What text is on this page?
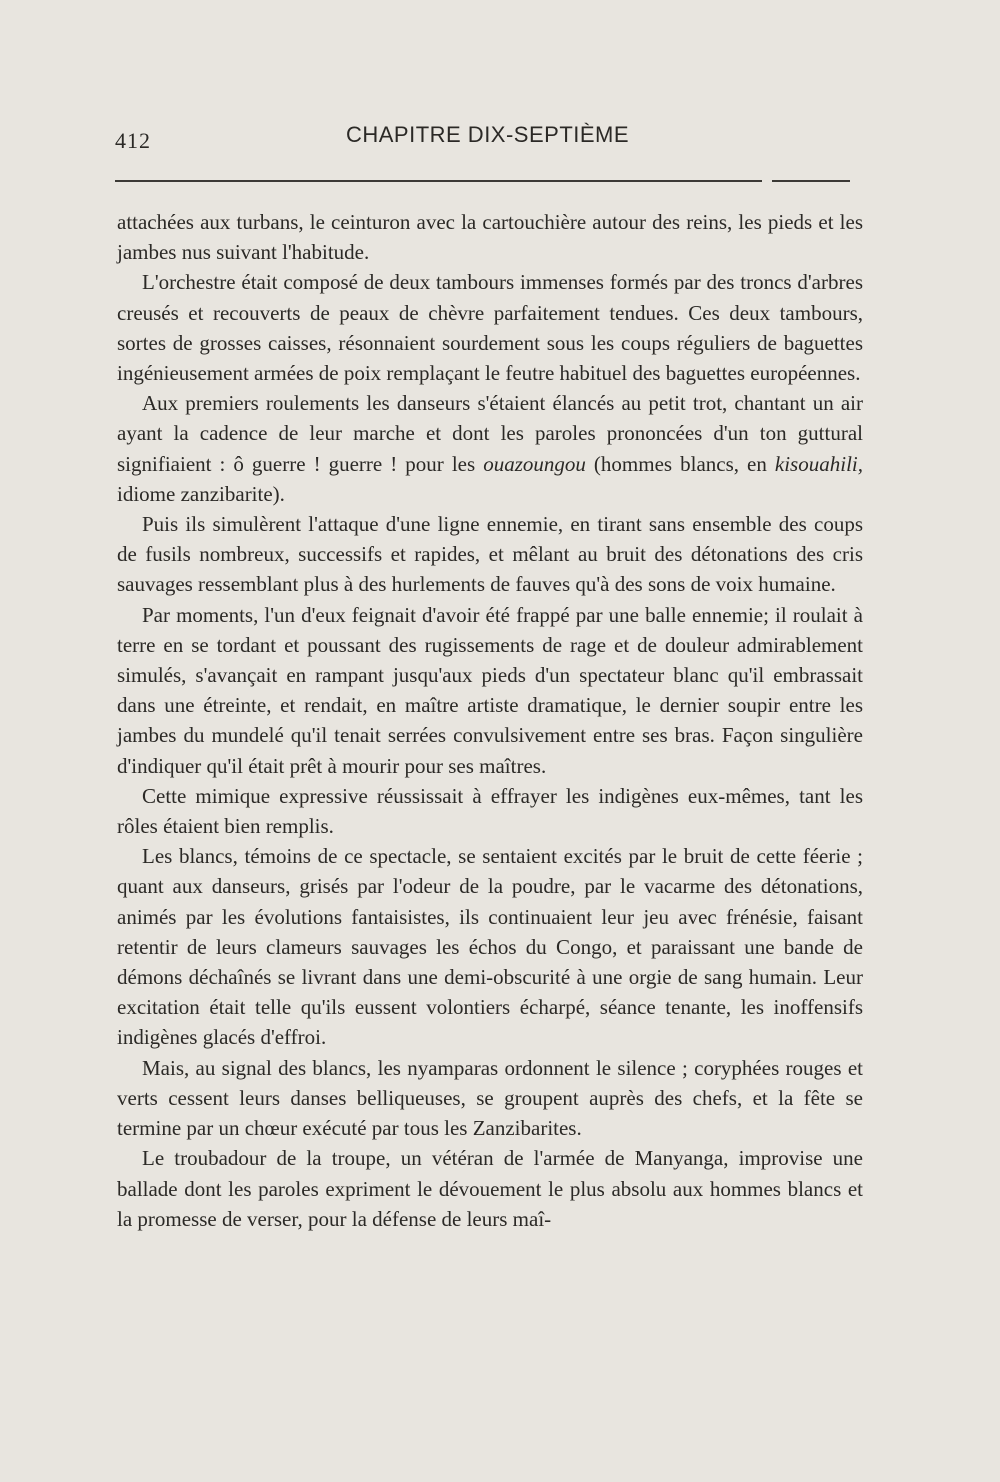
412	CHAPITRE DIX-SEPTIÈME

attachées aux turbans, le ceinturon avec la cartouchière autour des reins, les pieds et les jambes nus suivant l'habitude.

L'orchestre était composé de deux tambours immenses formés par des troncs d'arbres creusés et recouverts de peaux de chèvre parfaitement tendues. Ces deux tambours, sortes de grosses caisses, résonnaient sourdement sous les coups réguliers de baguettes ingénieusement armées de poix remplaçant le feutre habituel des baguettes européennes.

Aux premiers roulements les danseurs s'étaient élancés au petit trot, chantant un air ayant la cadence de leur marche et dont les paroles prononcées d'un ton guttural signifiaient : ô guerre ! guerre ! pour les ouazoungou (hommes blancs, en kisouahili, idiome zanzibarite).

Puis ils simulèrent l'attaque d'une ligne ennemie, en tirant sans ensemble des coups de fusils nombreux, successifs et rapides, et mêlant au bruit des détonations des cris sauvages ressemblant plus à des hurlements de fauves qu'à des sons de voix humaine.

Par moments, l'un d'eux feignait d'avoir été frappé par une balle ennemie; il roulait à terre en se tordant et poussant des rugissements de rage et de douleur admirablement simulés, s'avançait en rampant jusqu'aux pieds d'un spectateur blanc qu'il embrassait dans une étreinte, et rendait, en maître artiste dramatique, le dernier soupir entre les jambes du mundelé qu'il tenait serrées convulsivement entre ses bras. Façon singulière d'indiquer qu'il était prêt à mourir pour ses maîtres.

Cette mimique expressive réussissait à effrayer les indigènes eux-mêmes, tant les rôles étaient bien remplis.

Les blancs, témoins de ce spectacle, se sentaient excités par le bruit de cette féerie ; quant aux danseurs, grisés par l'odeur de la poudre, par le vacarme des détonations, animés par les évolutions fantaisistes, ils continuaient leur jeu avec frénésie, faisant retentir de leurs clameurs sauvages les échos du Congo, et paraissant une bande de démons déchaînés se livrant dans une demi-obscurité à une orgie de sang humain. Leur excitation était telle qu'ils eussent volontiers écharpé, séance tenante, les inoffensifs indigènes glacés d'effroi.

Mais, au signal des blancs, les nyamparas ordonnent le silence ; coryphées rouges et verts cessent leurs danses belliqueuses, se groupent auprès des chefs, et la fête se termine par un chœur exécuté par tous les Zanzibarites.

Le troubadour de la troupe, un vétéran de l'armée de Manyanga, improvise une ballade dont les paroles expriment le dévouement le plus absolu aux hommes blancs et la promesse de verser, pour la défense de leurs maî-
